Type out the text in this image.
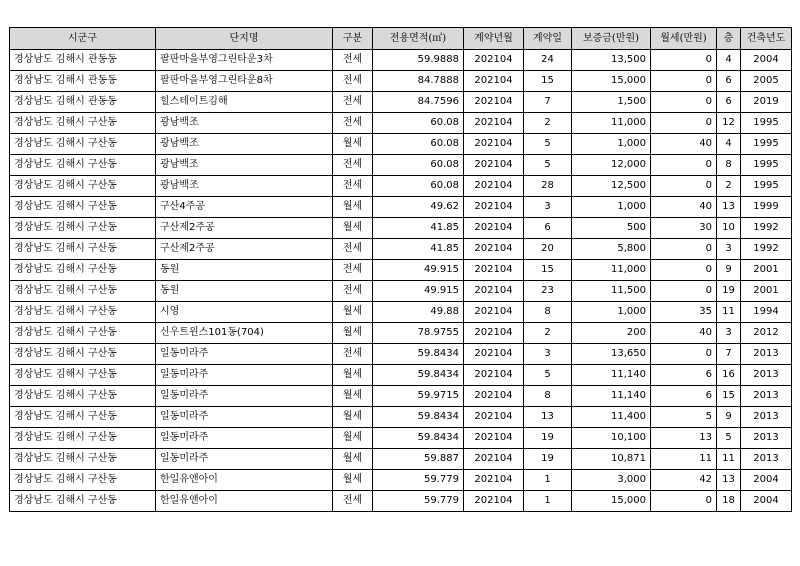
시군구	단지명	구분	전용면적(㎡)	계약년월	계약일	보증금(만원)	월세(만원)	층	건축년도
경상남도 김해시 관동동	팔판마을부영그린타운3차	전세	59.9888	202104	24	13,500	0	4	2004
경상남도 김해시 관동동	팔판마을부영그린타운8차	전세	84.7888	202104	15	15,000	0	6	2005
경상남도 김해시 관동동	힐스테이트김해	전세	84.7596	202104	7	1,500	0	6	2019
경상남도 김해시 구산동	광남백조	전세	60.08	202104	2	11,000	0	12	1995
경상남도 김해시 구산동	광남백조	월세	60.08	202104	5	1,000	40	4	1995
경상남도 김해시 구산동	광남백조	전세	60.08	202104	5	12,000	0	8	1995
경상남도 김해시 구산동	광남백조	전세	60.08	202104	28	12,500	0	2	1995
경상남도 김해시 구산동	구산4주공	월세	49.62	202104	3	1,000	40	13	1999
경상남도 김해시 구산동	구산제2주공	월세	41.85	202104	6	500	30	10	1992
경상남도 김해시 구산동	구산제2주공	전세	41.85	202104	20	5,800	0	3	1992
경상남도 김해시 구산동	동원	전세	49.915	202104	15	11,000	0	9	2001
경상남도 김해시 구산동	동원	전세	49.915	202104	23	11,500	0	19	2001
경상남도 김해시 구산동	시영	월세	49.88	202104	8	1,000	35	11	1994
경상남도 김해시 구산동	신우트윈스101동(704)	월세	78.9755	202104	2	200	40	3	2012
경상남도 김해시 구산동	일동미라주	전세	59.8434	202104	3	13,650	0	7	2013
경상남도 김해시 구산동	일동미라주	월세	59.8434	202104	5	11,140	6	16	2013
경상남도 김해시 구산동	일동미라주	월세	59.9715	202104	8	11,140	6	15	2013
경상남도 김해시 구산동	일동미라주	월세	59.8434	202104	13	11,400	5	9	2013
경상남도 김해시 구산동	일동미라주	월세	59.8434	202104	19	10,100	13	5	2013
경상남도 김해시 구산동	일동미라주	월세	59.887	202104	19	10,871	11	11	2013
경상남도 김해시 구산동	한일유앤아이	월세	59.779	202104	1	3,000	42	13	2004
경상남도 김해시 구산동	한일유앤아이	전세	59.779	202104	1	15,000	0	18	2004
